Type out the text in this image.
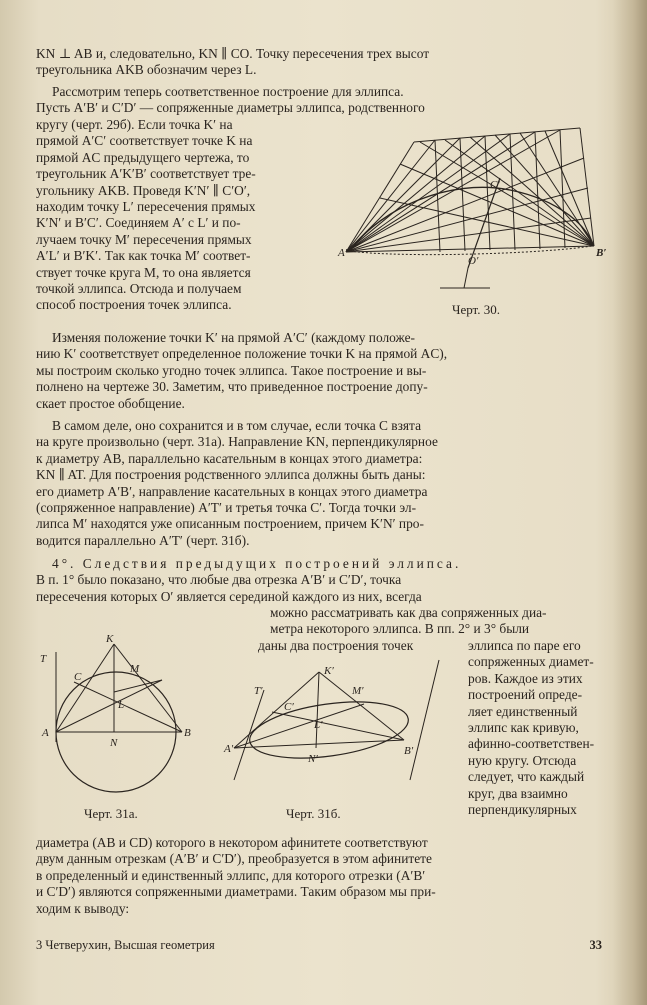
KN ⊥ AB и, следовательно, KN ∥ CO. Точку пересечения трех высот
треугольника AKB обозначим через L.
Рассмотрим теперь соответственное построение для эллипса.
Пусть A′B′ и C′D′ — сопряженные диаметры эллипса, родственного
кругу (черт. 29б). Если точка K′ на
прямой A′C′ соответствует точке K на
прямой AC предыдущего чертежа, то
треугольник A′K′B′ соответствует тре-
угольнику AKB. Проведя K′N′ ∥ C′O′,
находим точку L′ пересечения прямых
K′N′ и B′C′. Соединяем A′ с L′ и по-
лучаем точку M′ пересечения прямых
A′L′ и B′K′. Так как точка M′ соответ-
ствует точке круга M, то она является
точкой эллипса. Отсюда и получаем
способ построения точек эллипса.
A′	B′
C′
O′
Черт. 30.
Изменяя положение точки K′ на прямой A′C′ (каждому положе-
нию K′ соответствует определенное положение точки K на прямой AC),
мы построим сколько угодно точек эллипса. Такое построение и вы-
полнено на чертеже 30. Заметим, что приведенное построение допу-
скает простое обобщение.
В самом деле, оно сохранится и в том случае, если точка C взята
на круге произвольно (черт. 31а). Направление KN, перпендикулярное
к диаметру AB, параллельно касательным в концах этого диаметра:
KN ∥ AT. Для построения родственного эллипса должны быть даны:
его диаметр A′B′, направление касательных в концах этого диаметра
(сопряженное направление) A′T′ и третья точка C′. Тогда точки эл-
липса M′ находятся уже описанным построением, причем K′N′ про-
водится параллельно A′T′ (черт. 31б).
4°. Следствия предыдущих построений эллипса.
В п. 1° было показано, что любые два отрезка A′B′ и C′D′, точка
пересечения которых O′ является серединой каждого из них, всегда
можно рассматривать как два сопряженных диа-
метра некоторого эллипса. В пп. 2° и 3° были
даны два построения точек	эллипса по паре его
сопряженных диамет-
ров. Каждое из этих
построений опреде-
ляет единственный
эллипс как кривую,
афинно-соответствен-
ную кругу. Отсюда
следует, что каждый
круг, два взаимно
перпендикулярных
K
T
C
M
L
A
N
B
Черт. 31а.
T′
K′
C′
M′
L′
A′
N′
B′
Черт. 31б.
диаметра (AB и CD) которого в некотором афинитете соответствуют
двум данным отрезкам (A′B′ и C′D′), преобразуется в этом афинитете
в определенный и единственный эллипс, для которого отрезки (A′B′
и C′D′) являются сопряженными диаметрами. Таким образом мы при-
ходим к выводу:
3 Четверухин, Высшая геометрия	33
